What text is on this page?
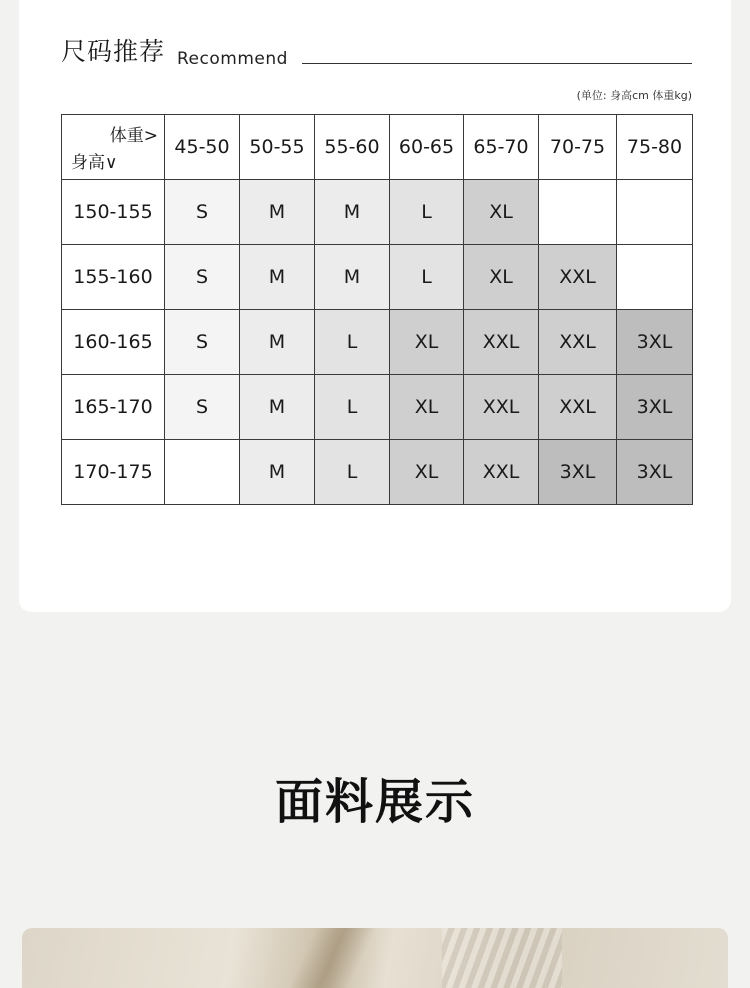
尺码推荐 Recommend
(单位: 身高cm 体重kg)
体重>
身高∨	45-50	50-55	55-60	60-65	65-70	70-75	75-80
150-155	S	M	M	L	XL		
155-160	S	M	M	L	XL	XXL	
160-165	S	M	L	XL	XXL	XXL	3XL
165-170	S	M	L	XL	XXL	XXL	3XL
170-175		M	L	XL	XXL	3XL	3XL
面料展示
